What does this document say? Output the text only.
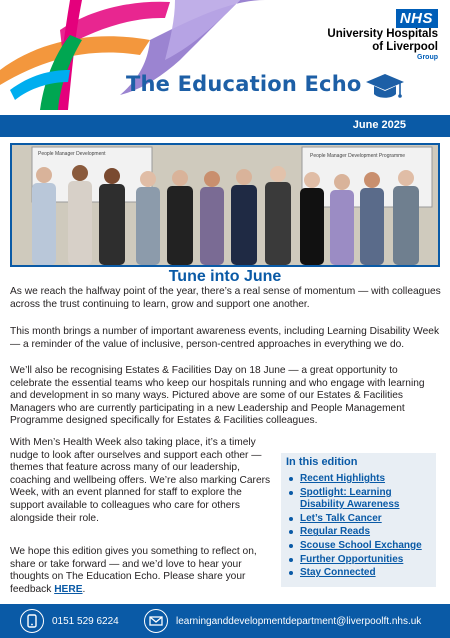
NHS
University Hospitals
of Liverpool
Group
The Education Echo
June 2025
People Manager Development Programme
People Manager Development
Tune into June

As we reach the halfway point of the year, there’s a real sense of momentum — with colleagues across the trust continuing to learn, grow and support one another.

This month brings a number of important awareness events, including Learning Disability Week — a reminder of the value of inclusive, person-centred approaches in everything we do.

We’ll also be recognising Estates & Facilities Day on 18 June — a great opportunity to celebrate the essential teams who keep our hospitals running and who engage with learning and development in so many ways. Pictured above are some of our Estates & Facilities Managers who are currently participating in a new Leadership and People Management Programme designed specifically for Estates & Facilities colleagues.

With Men’s Health Week also taking place, it’s a timely nudge to look after ourselves and support each other — themes that feature across many of our leadership, coaching and wellbeing offers. We’re also marking Carers Week, with an event planned for staff to explore the support available to colleagues who care for others alongside their role.

We hope this edition gives you something to reflect on, share or take forward — and we’d love to hear your thoughts on The Education Echo. Please share your feedback HERE.

In this edition
Recent Highlights
Spotlight: Learning Disability Awareness
Let’s Talk Cancer
Regular Reads
Scouse School Exchange
Further Opportunities
Stay Connected
0151 529 6224	learninganddevelopmentdepartment@liverpoolft.nhs.uk
